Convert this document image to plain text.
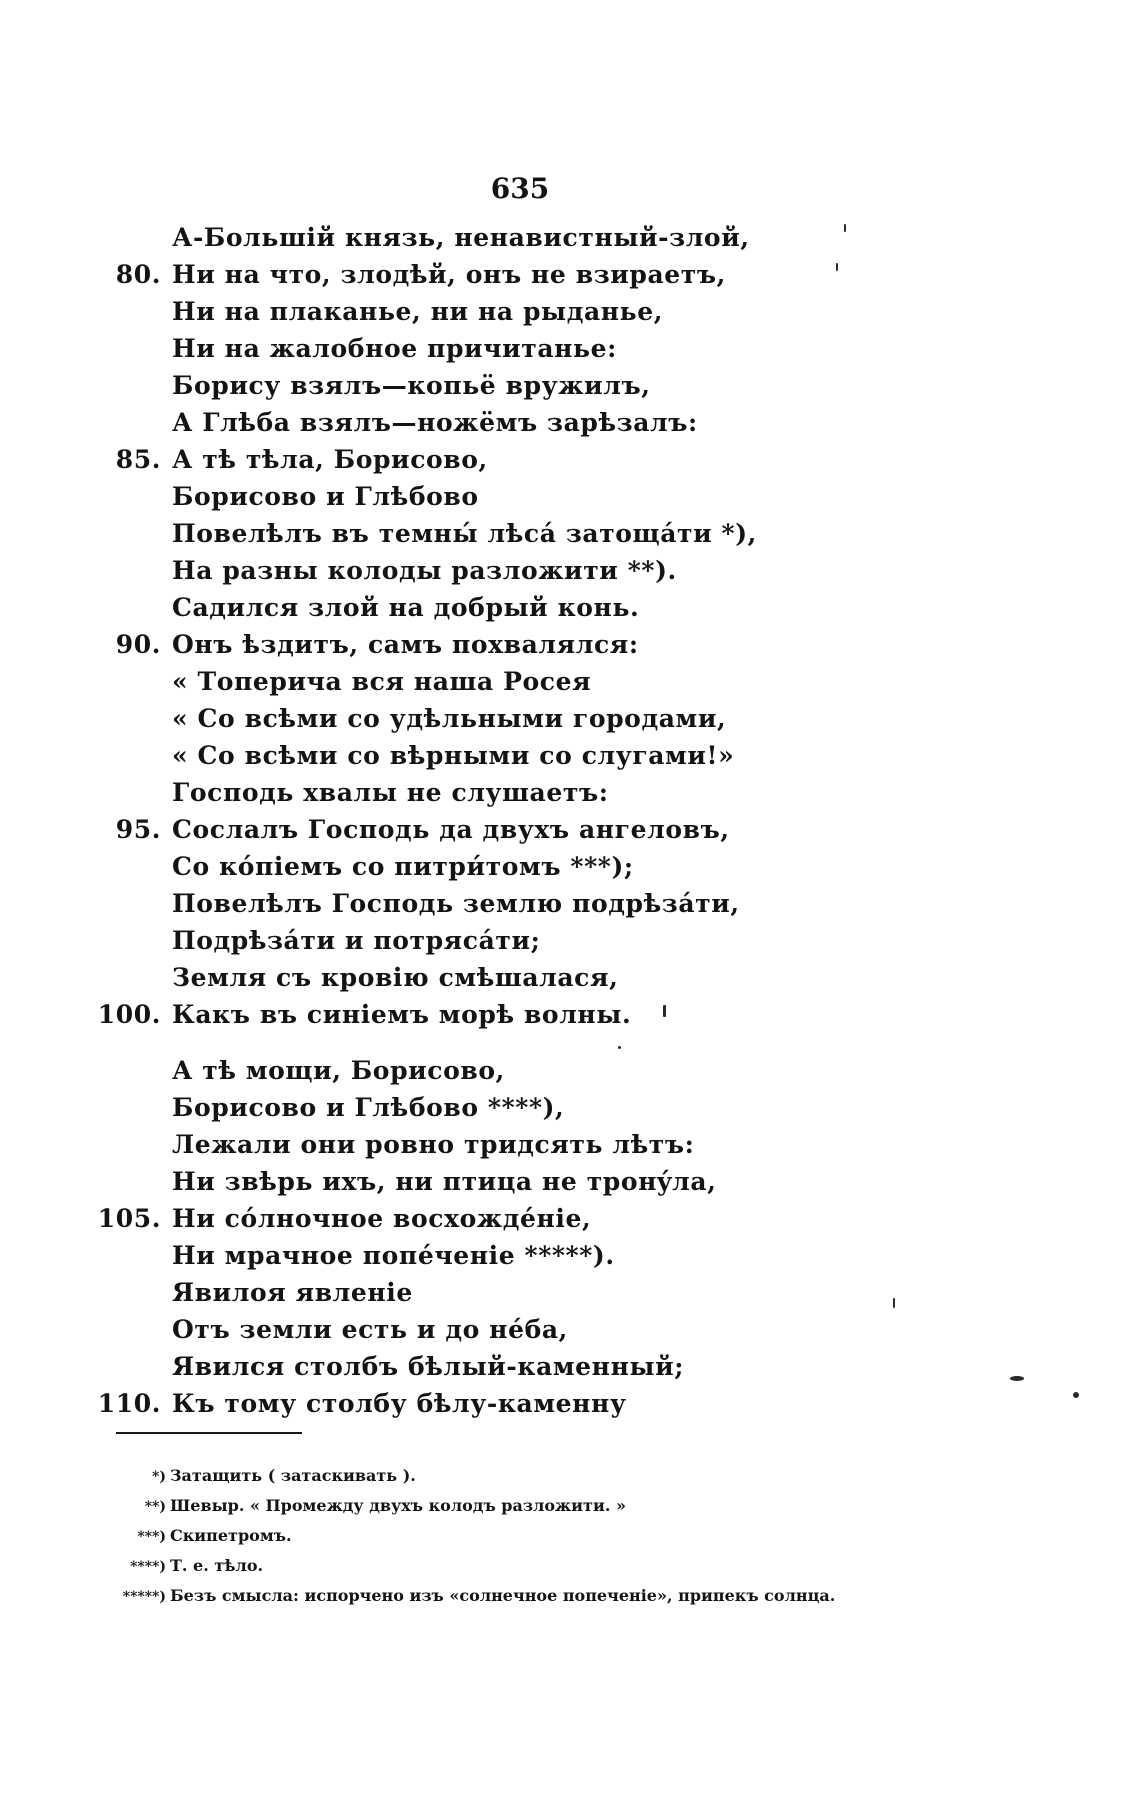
635
А-Большій князь, ненавистный-злой,
80. Ни на что, злодѣй, онъ не взираетъ,
Ни на плаканье, ни на рыданье,
Ни на жалобное причитанье:
Борису взялъ—копьё вружилъ,
А Глѣба взялъ—ножёмъ зарѣзалъ:
85. А тѣ тѣла, Борисово,
Борисово и Глѣбово
Повелѣлъ въ темны́ лѣса́ затощáти *),
На разны колоды разложити **).
Садился злой на добрый конь.
90. Онъ ѣздитъ, самъ похвалялся:
« Топерича вся наша Росея
« Со всѣми со удѣльными городами,
« Со всѣми со вѣрными со слугами!»
Господь хвалы не слушаетъ:
95. Сослалъ Господь да двухъ ангеловъ,
Со ко́піемъ со питри́томъ ***);
Повелѣлъ Господь землю подрѣзáти,
Подрѣзáти и потрясáти;
Земля съ кровію смѣшалася,
100. Какъ въ синіемъ морѣ волны.
А тѣ мощи, Борисово,
Борисово и Глѣбово ****),
Лежали они ровно тридсять лѣтъ:
Ни звѣрь ихъ, ни птица не тронýла,
105. Ни со́лночное восхожде́ніе,
Ни мрачное попе́ченіе *****).
Явилоя явленіе
Отъ земли есть и до нéба,
Явился столбъ бѣлый-каменный;
110. Къ тому столбу бѣлу-каменну
*) Затащить ( затаскивать ).
**) Шевыр. « Промежду двухъ колодъ разложити. »
***) Скипетромъ.
****) Т. е. тѣло.
*****) Безъ смысла: испорчено изъ «солнечное попеченіе», припекъ солнца.
